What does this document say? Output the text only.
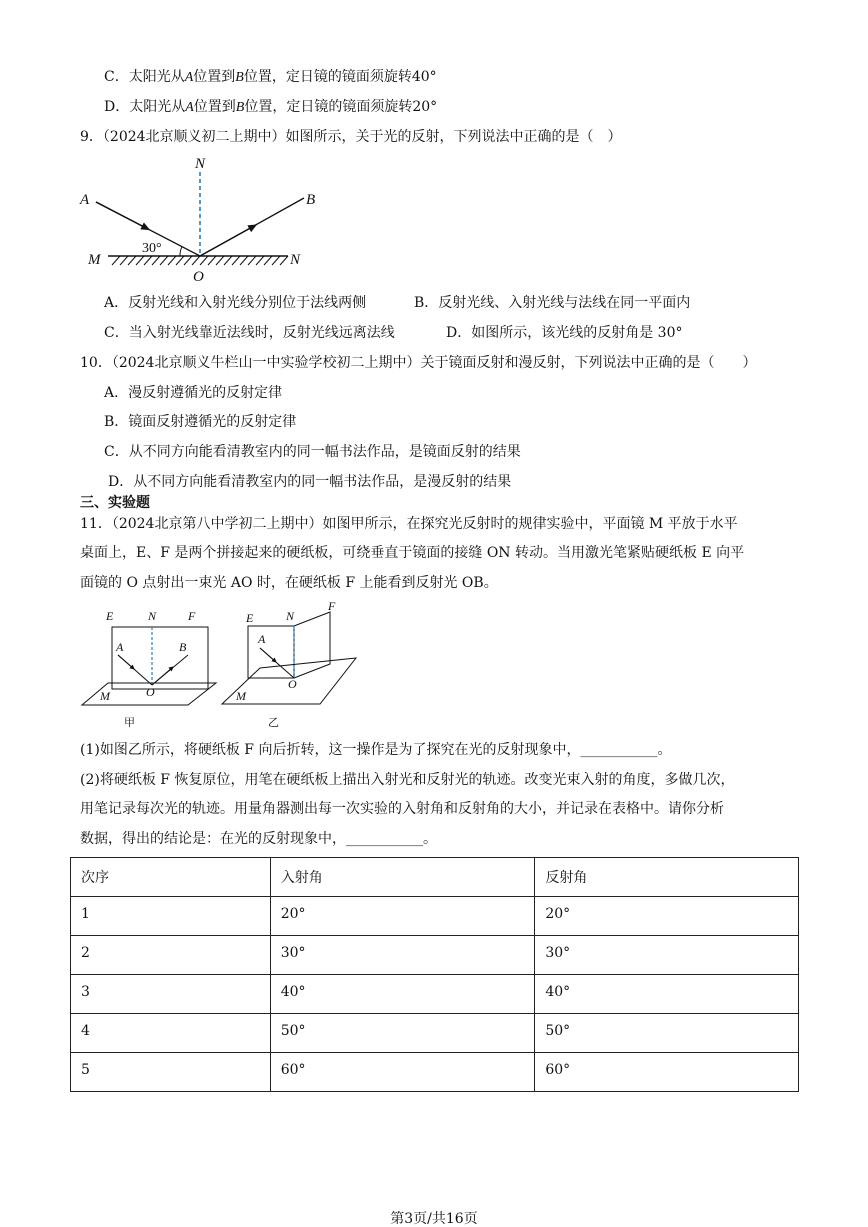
C．太阳光从A位置到B位置，定日镜的镜面须旋转40°
D．太阳光从A位置到B位置，定日镜的镜面须旋转20°
9．（2024北京顺义初二上期中）如图所示，关于光的反射，下列说法中正确的是（　）
A
N
B
M
O
N
30°
A．反射光线和入射光线分别位于法线两侧	B．反射光线、入射光线与法线在同一平面内
C．当入射光线靠近法线时，反射光线远离法线	D．如图所示，该光线的反射角是 30°
10．（2024北京顺义牛栏山一中实验学校初二上期中）关于镜面反射和漫反射，下列说法中正确的是（　　）
A．漫反射遵循光的反射定律
B．镜面反射遵循光的反射定律
C．从不同方向能看清教室内的同一幅书法作品，是镜面反射的结果
D．从不同方向能看清教室内的同一幅书法作品，是漫反射的结果
三、实验题
11．（2024北京第八中学初二上期中）如图甲所示，在探究光反射时的规律实验中，平面镜 M 平放于水平
桌面上，E、F 是两个拼接起来的硬纸板，可绕垂直于镜面的接缝 ON 转动。当用激光笔紧贴硬纸板 E 向平
面镜的 O 点射出一束光 AO 时，在硬纸板 F 上能看到反射光 OB。
E	N	F
A	B
O
M
甲
E	N
F
A
O
M
乙
(1)如图乙所示，将硬纸板 F 向后折转，这一操作是为了探究在光的反射现象中，___________。
(2)将硬纸板 F 恢复原位，用笔在硬纸板上描出入射光和反射光的轨迹。改变光束入射的角度，多做几次，
用笔记录每次光的轨迹。用量角器测出每一次实验的入射角和反射角的大小，并记录在表格中。请你分析
数据，得出的结论是：在光的反射现象中，___________。
次序	入射角	反射角
1	20°	20°
2	30°	30°
3	40°	40°
4	50°	50°
5	60°	60°
第3页/共16页
